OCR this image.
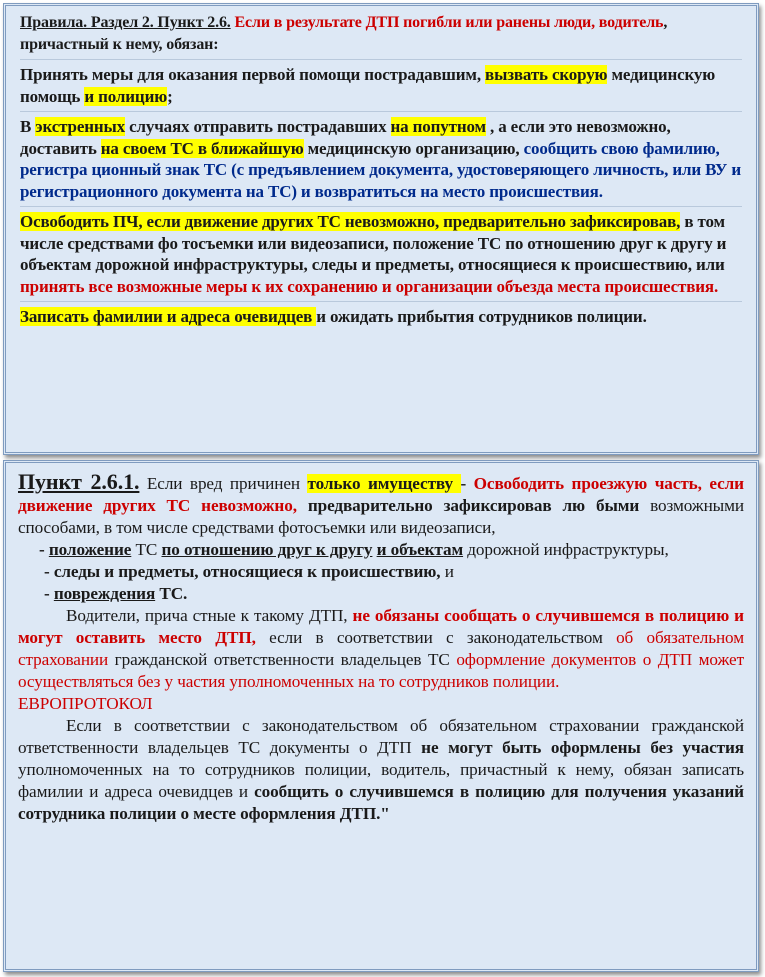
Правила. Раздел 2. Пункт 2.6. Если в результате ДТП погибли или ранены люди, водитель, причастный к нему, обязан:

Принять меры для оказания первой помощи пострадавшим, вызвать скорую медицинскую помощь и полицию;

В экстренных случаях отправить пострадавших на попутном , а если это невозможно, доставить на своем ТС в ближайшую медицинскую организацию, сообщить свою фамилию, регистра ционный знак ТС (с предъявлением документа, удостоверяющего личность, или ВУ и регистрационного документа на ТС) и возвратиться на место происшествия.

Освободить ПЧ, если движение других ТС невозможно, предварительно зафиксировав, в том числе средствами фо тосъемки или видеозаписи, положение ТС по отношению друг к другу и объектам дорожной инфраструктуры, следы и предметы, относящиеся к происшествию, или принять все возможные меры к их сохранению и организации объезда места происшествия.

Записать фамилии и адреса очевидцев и ожидать прибытия сотрудников полиции.

Пункт 2.6.1. Если вред причинен только имуществу - Освободить проезжую часть, если движение других ТС невозможно, предварительно зафиксировав лю быми возможными способами, в том числе средствами фотосъемки или видеозаписи,

- положение ТС по отношению друг к другу и объектам дорожной инфраструктуры,

- следы и предметы, относящиеся к происшествию, и

- повреждения ТС.

Водители, прича стные к такому ДТП, не обязаны сообщать о случившемся в полицию и могут оставить место ДТП, если в соответствии с законодательством об обязательном страховании гражданской ответственности владельцев ТС оформление документов о ДТП может осуществляться без у частия уполномоченных на то сотрудников полиции.

ЕВРОПРОТОКОЛ

Если в соответствии с законодательством об обязательном страховании гражданской ответственности владельцев ТС документы о ДТП не могут быть оформлены без участия уполномоченных на то сотрудников полиции, водитель, причастный к нему, обязан записать фамилии и адреса очевидцев и сообщить о случившемся в полицию для получения указаний сотрудника полиции о месте оформления ДТП."
